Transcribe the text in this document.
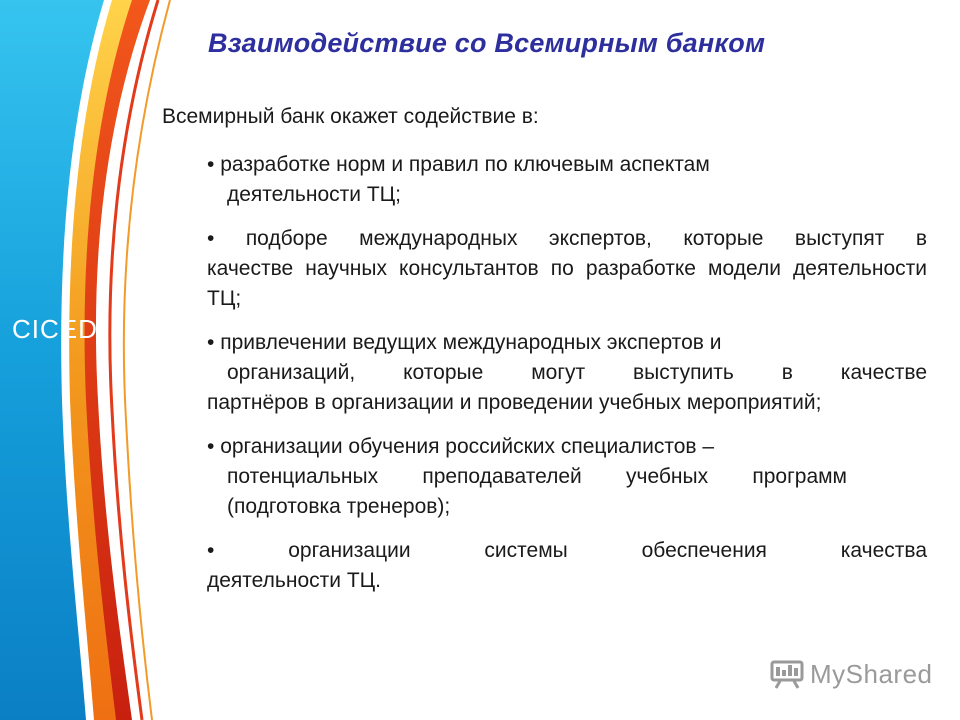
CICED
Взаимодействие со Всемирным банком
Всемирный банк окажет содействие в:
• разработке норм и правил по ключевым аспектам
деятельности ТЦ;
• подборе международных экспертов, которые выступят в
качестве научных консультантов по разработке модели деятельности ТЦ;
• привлечении ведущих международных экспертов и
организаций, которые могут выступить в качестве
партнёров в организации и проведении учебных мероприятий;
• организации обучения российских специалистов –
потенциальных преподавателей учебных программ (подготовка тренеров);
•	организации системы обеспечения качества
деятельности ТЦ.
MyShared
